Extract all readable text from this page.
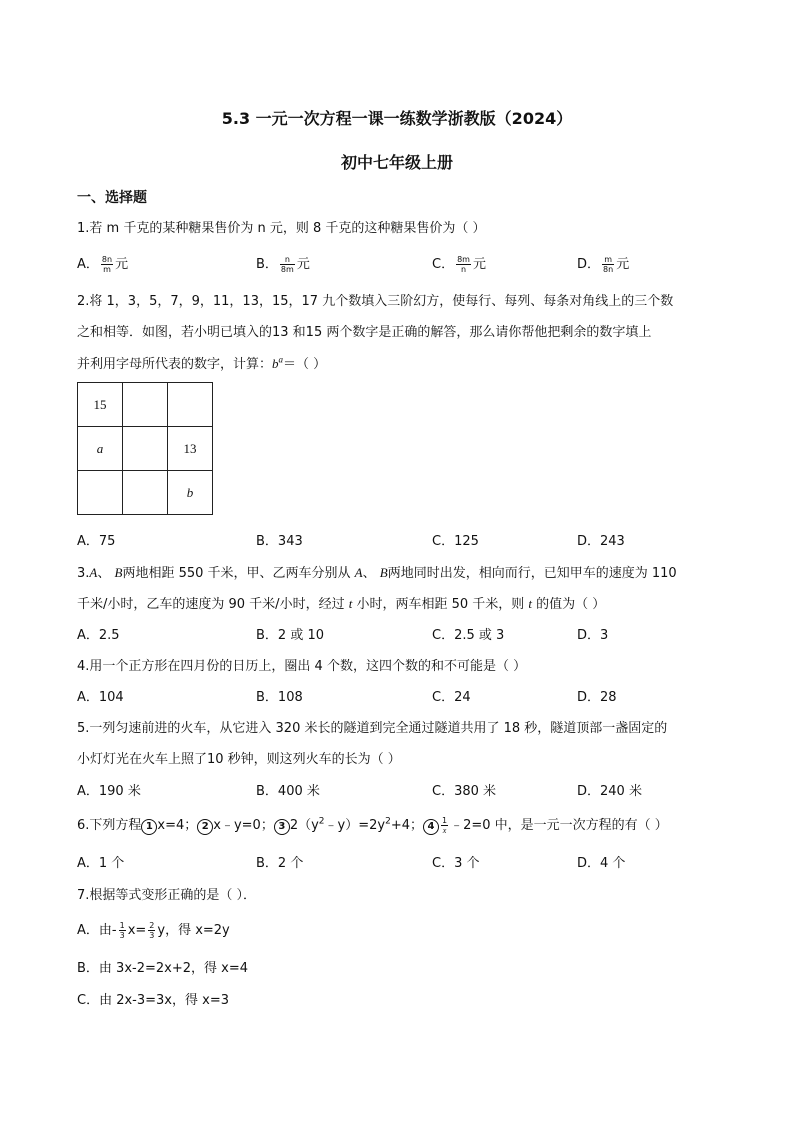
5.3 一元一次方程一课一练数学浙教版（2024）
初中七年级上册
一、选择题
1.若 m 千克的某种糖果售价为 n 元，则 8 千克的这种糖果售价为（ ）
A． $\frac{8n}{m}$ 元	B． $\frac{n}{8m}$ 元	C． $\frac{8m}{n}$ 元	D． $\frac{m}{8n}$ 元
2.将 1，3，5，7，9，11，13，15，17 九个数填入三阶幻方，使每行、每列、每条对角线上的三个数
之和相等．如图，若小明已填入的13 和15 两个数字是正确的解答，那么请你帮他把剩余的数字填上
并利用字母所代表的数字，计算：$b^a=$（ ）
15		
a		13
		b
A．75	B．343	C．125	D．243
3.A、 B两地相距 550 千米，甲、乙两车分别从 A、 B两地同时出发，相向而行，已知甲车的速度为 110
千米/小时，乙车的速度为 90 千米/小时，经过 t 小时，两车相距 50 千米，则 t 的值为（ ）
A．2.5	B．2 或 10	C．2.5 或 3	D．3
4.用一个正方形在四月份的日历上，圈出 4 个数，这四个数的和不可能是（ ）
A．104	B．108	C．24	D．28
5.一列匀速前进的火车，从它进入 320 米长的隧道到完全通过隧道共用了 18 秒，隧道顶部一盏固定的
小灯灯光在火车上照了10 秒钟，则这列火车的长为（ ）
A．190 米	B．400 米	C．380 米	D．240 米
6.下列方程 1 x=4； 2 x﹣y=0； 3 $2(y^2﹣y)=2y^2+4$； $4 \frac{1}{x}$ ﹣2=0 中，是一元一次方程的有（ ）
A．1 个	B．2 个	C．3 个	D．4 个
7.根据等式变形正确的是（ ）．
A．由- $\frac{1}{3} x= \frac{2}{3}$ y，得 x=2y
B．由 3x-2=2x+2，得 x=4
C．由 2x-3=3x，得 x=3
